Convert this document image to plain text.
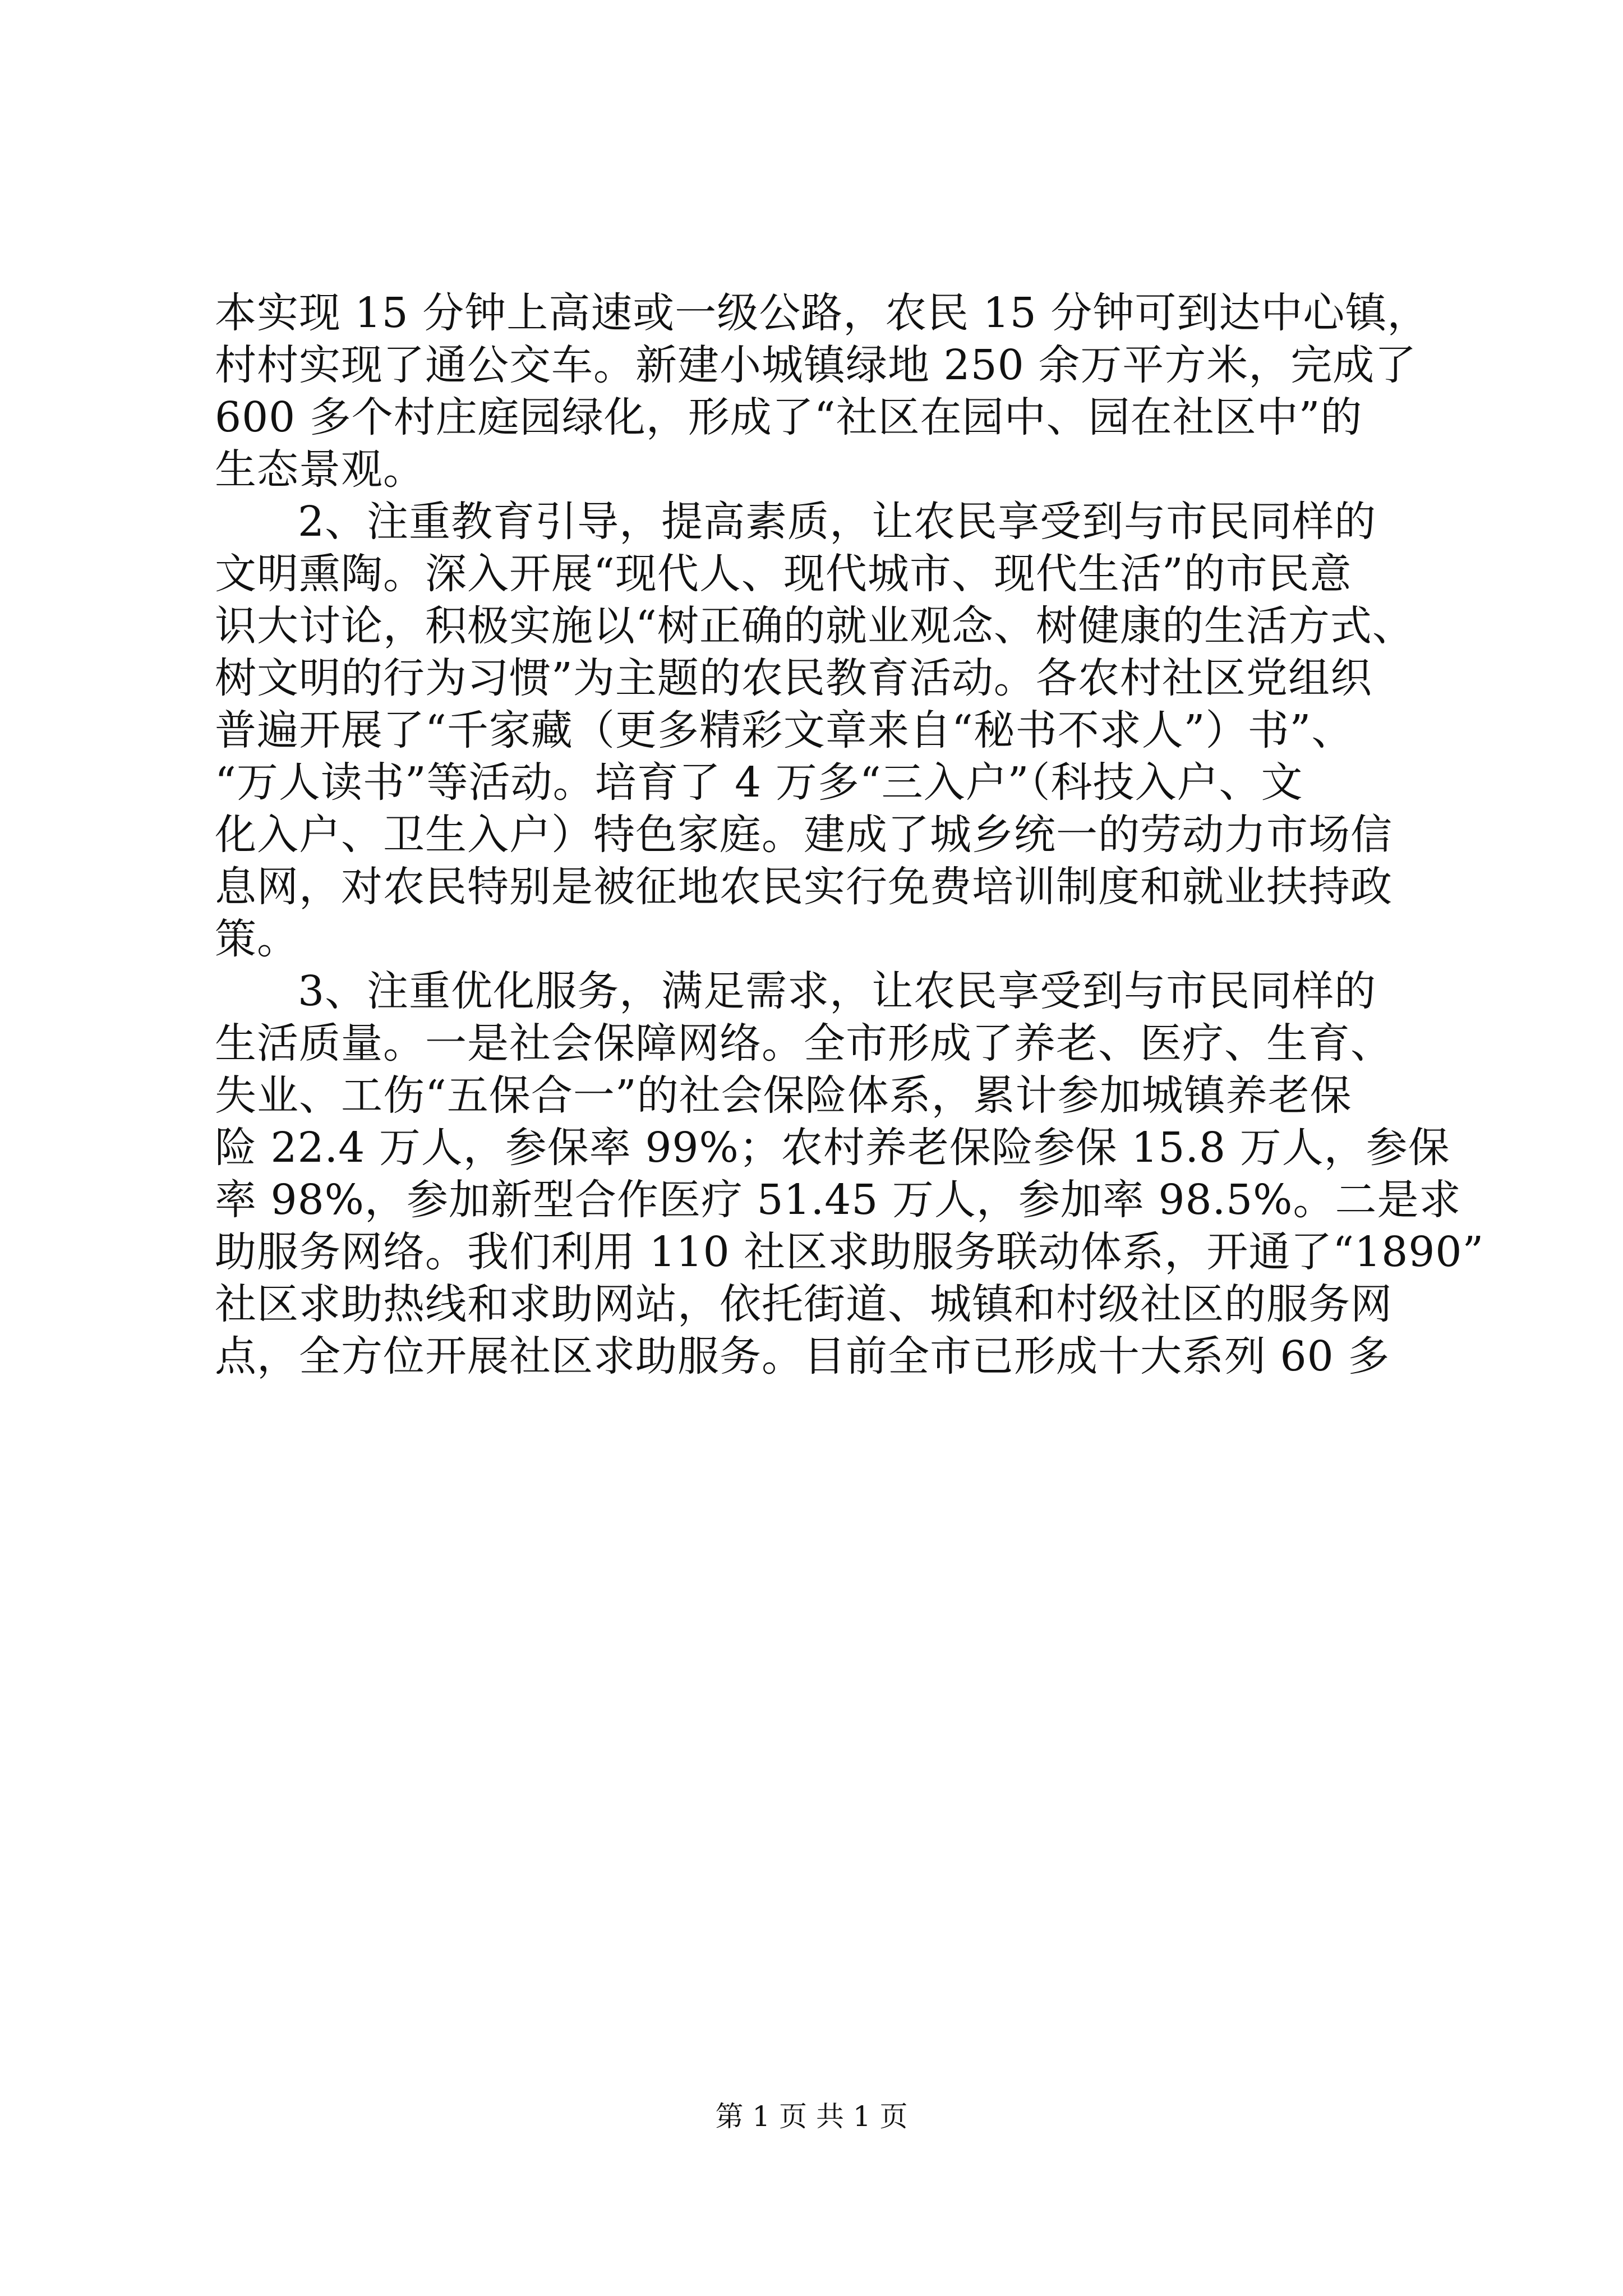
本实现 15 分钟上高速或一级公路，农民 15 分钟可到达中心镇，
村村实现了通公交车。新建小城镇绿地 250 余万平方米，完成了
600 多个村庄庭园绿化，形成了“社区在园中、园在社区中”的
生态景观。
2、注重教育引导，提高素质，让农民享受到与市民同样的
文明熏陶。深入开展“现代人、现代城市、现代生活”的市民意
识大讨论，积极实施以“树正确的就业观念、树健康的生活方式、
树文明的行为习惯”为主题的农民教育活动。各农村社区党组织
普遍开展了“千家藏（更多精彩文章来自“秘书不求人”）书”、
“万人读书”等活动。培育了 4 万多“三入户”（科技入户、文
化入户、卫生入户）特色家庭。建成了城乡统一的劳动力市场信
息网，对农民特别是被征地农民实行免费培训制度和就业扶持政
策。
3、注重优化服务，满足需求，让农民享受到与市民同样的
生活质量。一是社会保障网络。全市形成了养老、医疗、生育、
失业、工伤“五保合一”的社会保险体系，累计参加城镇养老保
险 22.4 万人，参保率 99%；农村养老保险参保 15.8 万人，参保
率 98%，参加新型合作医疗 51.45 万人，参加率 98.5%。二是求
助服务网络。我们利用 110 社区求助服务联动体系，开通了“1890”
社区求助热线和求助网站，依托街道、城镇和村级社区的服务网
点，全方位开展社区求助服务。目前全市已形成十大系列 60 多
第 1 页 共 1 页
